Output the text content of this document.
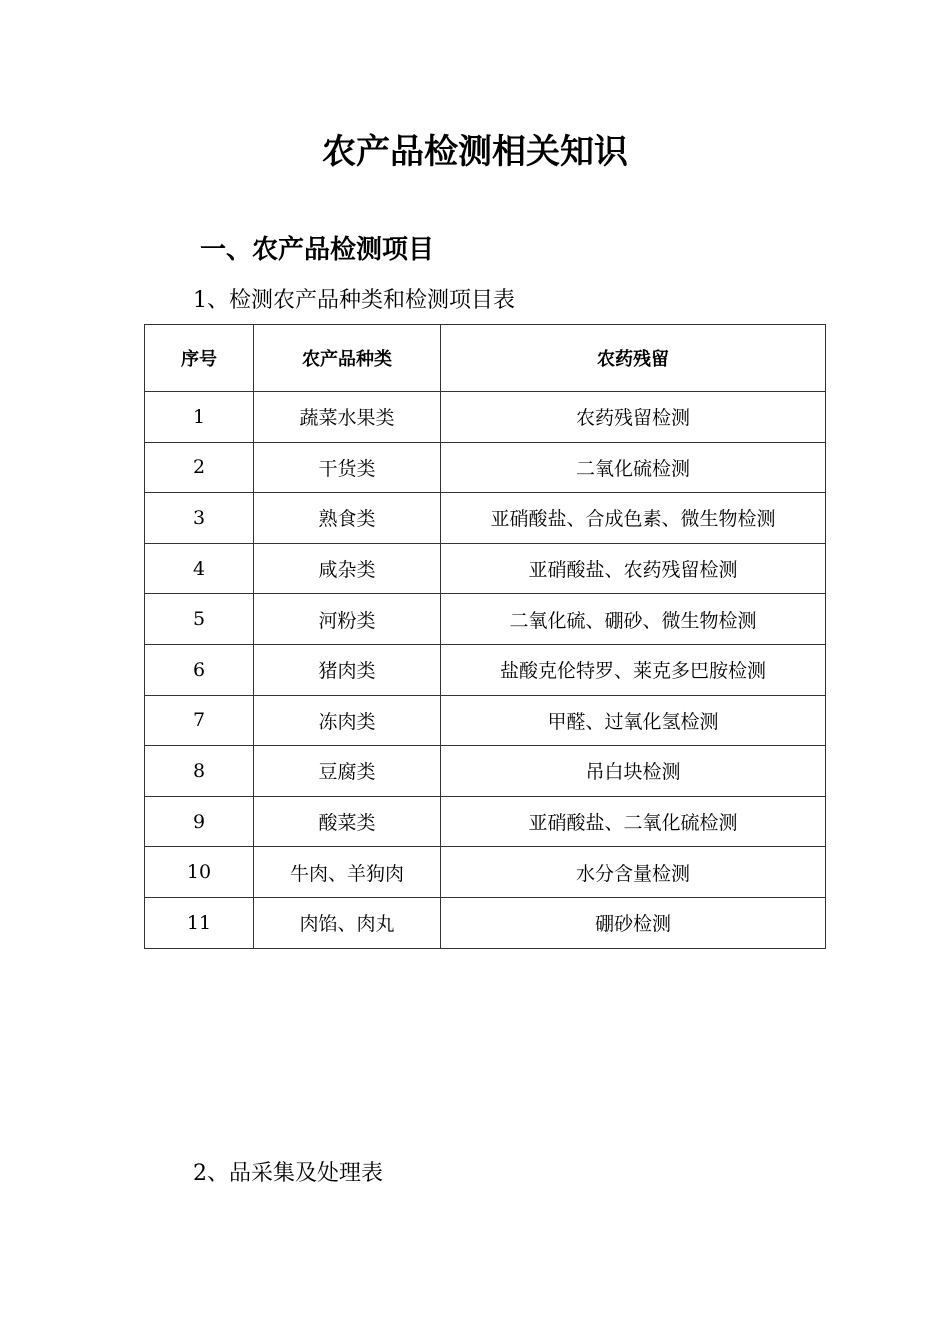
农产品检测相关知识
一、农产品检测项目

1、检测农产品种类和检测项目表

序号	农产品种类	农药残留
1	蔬菜水果类	农药残留检测
2	干货类	二氧化硫检测
3	熟食类	亚硝酸盐、合成色素、微生物检测
4	咸杂类	亚硝酸盐、农药残留检测
5	河粉类	二氧化硫、硼砂、微生物检测
6	猪肉类	盐酸克伦特罗、莱克多巴胺检测
7	冻肉类	甲醛、过氧化氢检测
8	豆腐类	吊白块检测
9	酸菜类	亚硝酸盐、二氧化硫检测
10	牛肉、羊狗肉	水分含量检测
11	肉馅、肉丸	硼砂检测

2、品采集及处理表
